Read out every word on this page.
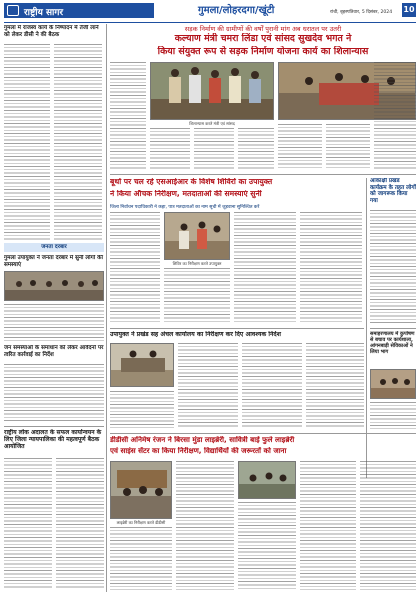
राष्ट्रीय सागर	गुमला/लोहरदगा/खूंटी	रांची, बृहस्पतिवार, 5 दिसंबर, 2024 10
गुमला में राजस्व कार्य के निष्पादन में तेजी लाने को लेकर डीसी ने की बैठक
जनता दरबार
गुमला उपायुक्त ने जनता दरबार में सुनी लोगों की समस्याएं
जन समस्याओं के समाधान को लेकर आवेदनों पर त्वरित कार्रवाई का निर्देश
राष्ट्रीय लोक अदालत के सफल कार्यान्वयन के लिए जिला न्यायपालिका की महत्वपूर्ण बैठक आयोजित
सड़क निर्माण की ग्रामीणों की वर्षों पुरानी मांग अब धरातल पर उतरी
कल्याण मंत्री चमरा लिंडा एवं सांसद सुखदेव भगत ने
किया संयुक्त रूप से सड़क निर्माण योजना कार्य का शिलान्यास
शिलान्यास करते मंत्री एवं सांसद
बूथों पर चल रहे एसआईआर के विशेष शिविरों का उपायुक्त
ने किया औचक निरीक्षण, मतदाताओं की समस्याएं सुनीं
जिला निर्वाचन पदाधिकारी ने कहा, पात्र मतदाताओं का नाम सूची में जुड़वाना सुनिश्चित करें
शिविर का निरीक्षण करते उपायुक्त
आकांक्षी प्रखंड कार्यक्रम के तहत लोगों को जागरूक किया गया
उपायुक्त ने प्रखंड सह अंचल कार्यालय का निरीक्षण कर दिए आवश्यक निर्देश	समाहरणालय में कुपोषण से बचाव पर कार्यशाला, आंगनबाड़ी सेविकाओं ने लिया भाग
डीडीसी अनिमेष रंजन ने बिरसा मुंडा लाइब्रेरी, सावित्री बाई फुले लाइब्रेरी
एवं साइंस सेंटर का किया निरीक्षण, विद्यार्थियों की जरूरतों को जाना
लाइब्रेरी का निरीक्षण करते डीडीसी
